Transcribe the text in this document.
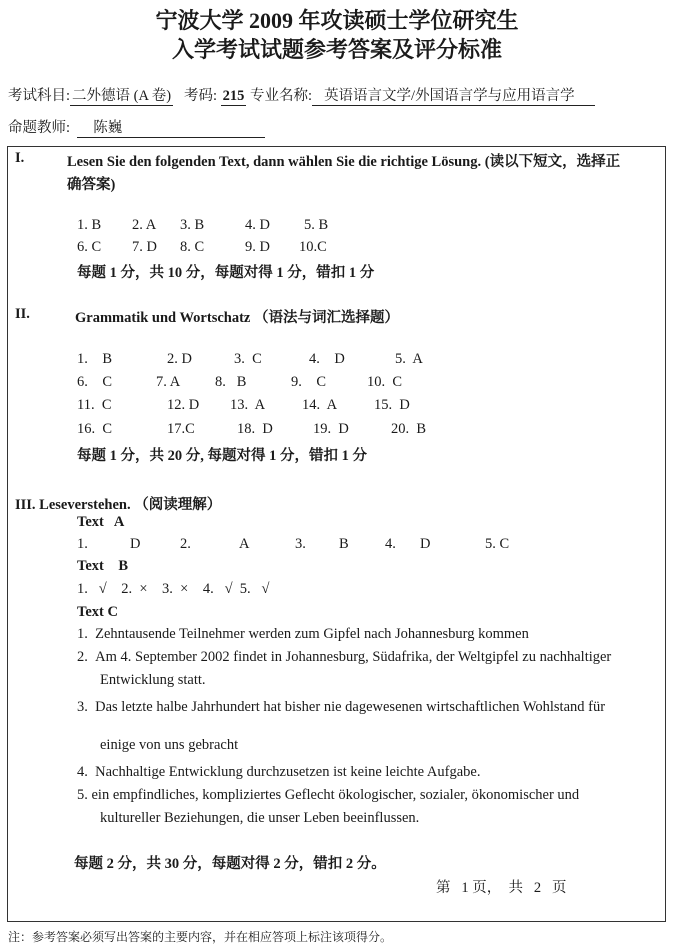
宁波大学 2009 年攻读硕士学位研究生
入学考试试题参考答案及评分标准
考试科目: 二外德语 (A 卷) 考码: 215 专业名称: 英语语言文学/外国语言学与应用语言学
命题教师: 陈巍
I.	Lesen Sie den folgenden Text, dann wählen Sie die richtige Lösung. (读以下短文，选择正
确答案)
1. B 2. A 3. B	4. D 5. B
6. C 7. D 8. C	9. D 10.C
每题 1 分，共 10 分，每题对得 1 分，错扣 1 分
II.	Grammatik und Wortschatz （语法与词汇选择题）
1.    B	2. D	3.  C	4.    D	5.  A
6.    C	7. A 8.   B	9.    C	10.  C
11.  C	12. D 13.  A	14.  A	15.  D
16.  C	17.C	18.  D	19.  D	20.  B
每题 1 分，共 20 分, 每题对得 1 分，错扣 1 分
III. Leseverstehen. （阅读理解）
Text   A
1.	D	2.	A	3. B	4. D	5. C
Text    B
1.   √    2.  ×    3.  ×    4.   √  5.   √
Text C
1. Zehntausende Teilnehmer werden zum Gipfel nach Johannesburg kommen
2. Am 4. September 2002 findet in Johannesburg, Südafrika, der Weltgipfel zu nachhaltiger
Entwicklung statt.
3. Das letzte halbe Jahrhundert hat bisher nie dagewesenen wirtschaftlichen Wohlstand für
einige von uns gebracht
4. Nachhaltige Entwicklung durchzusetzen ist keine leichte Aufgabe.
5. ein empfindliches, kompliziertes Geflecht ökologischer, sozialer, ökonomischer und
kultureller Beziehungen, die unser Leben beeinflussen.
每题 2 分，共 30 分，每题对得 2 分，错扣 2 分。
第   1 页，  共   2   页
注：参考答案必须写出答案的主要内容，并在相应答项上标注该项得分。
